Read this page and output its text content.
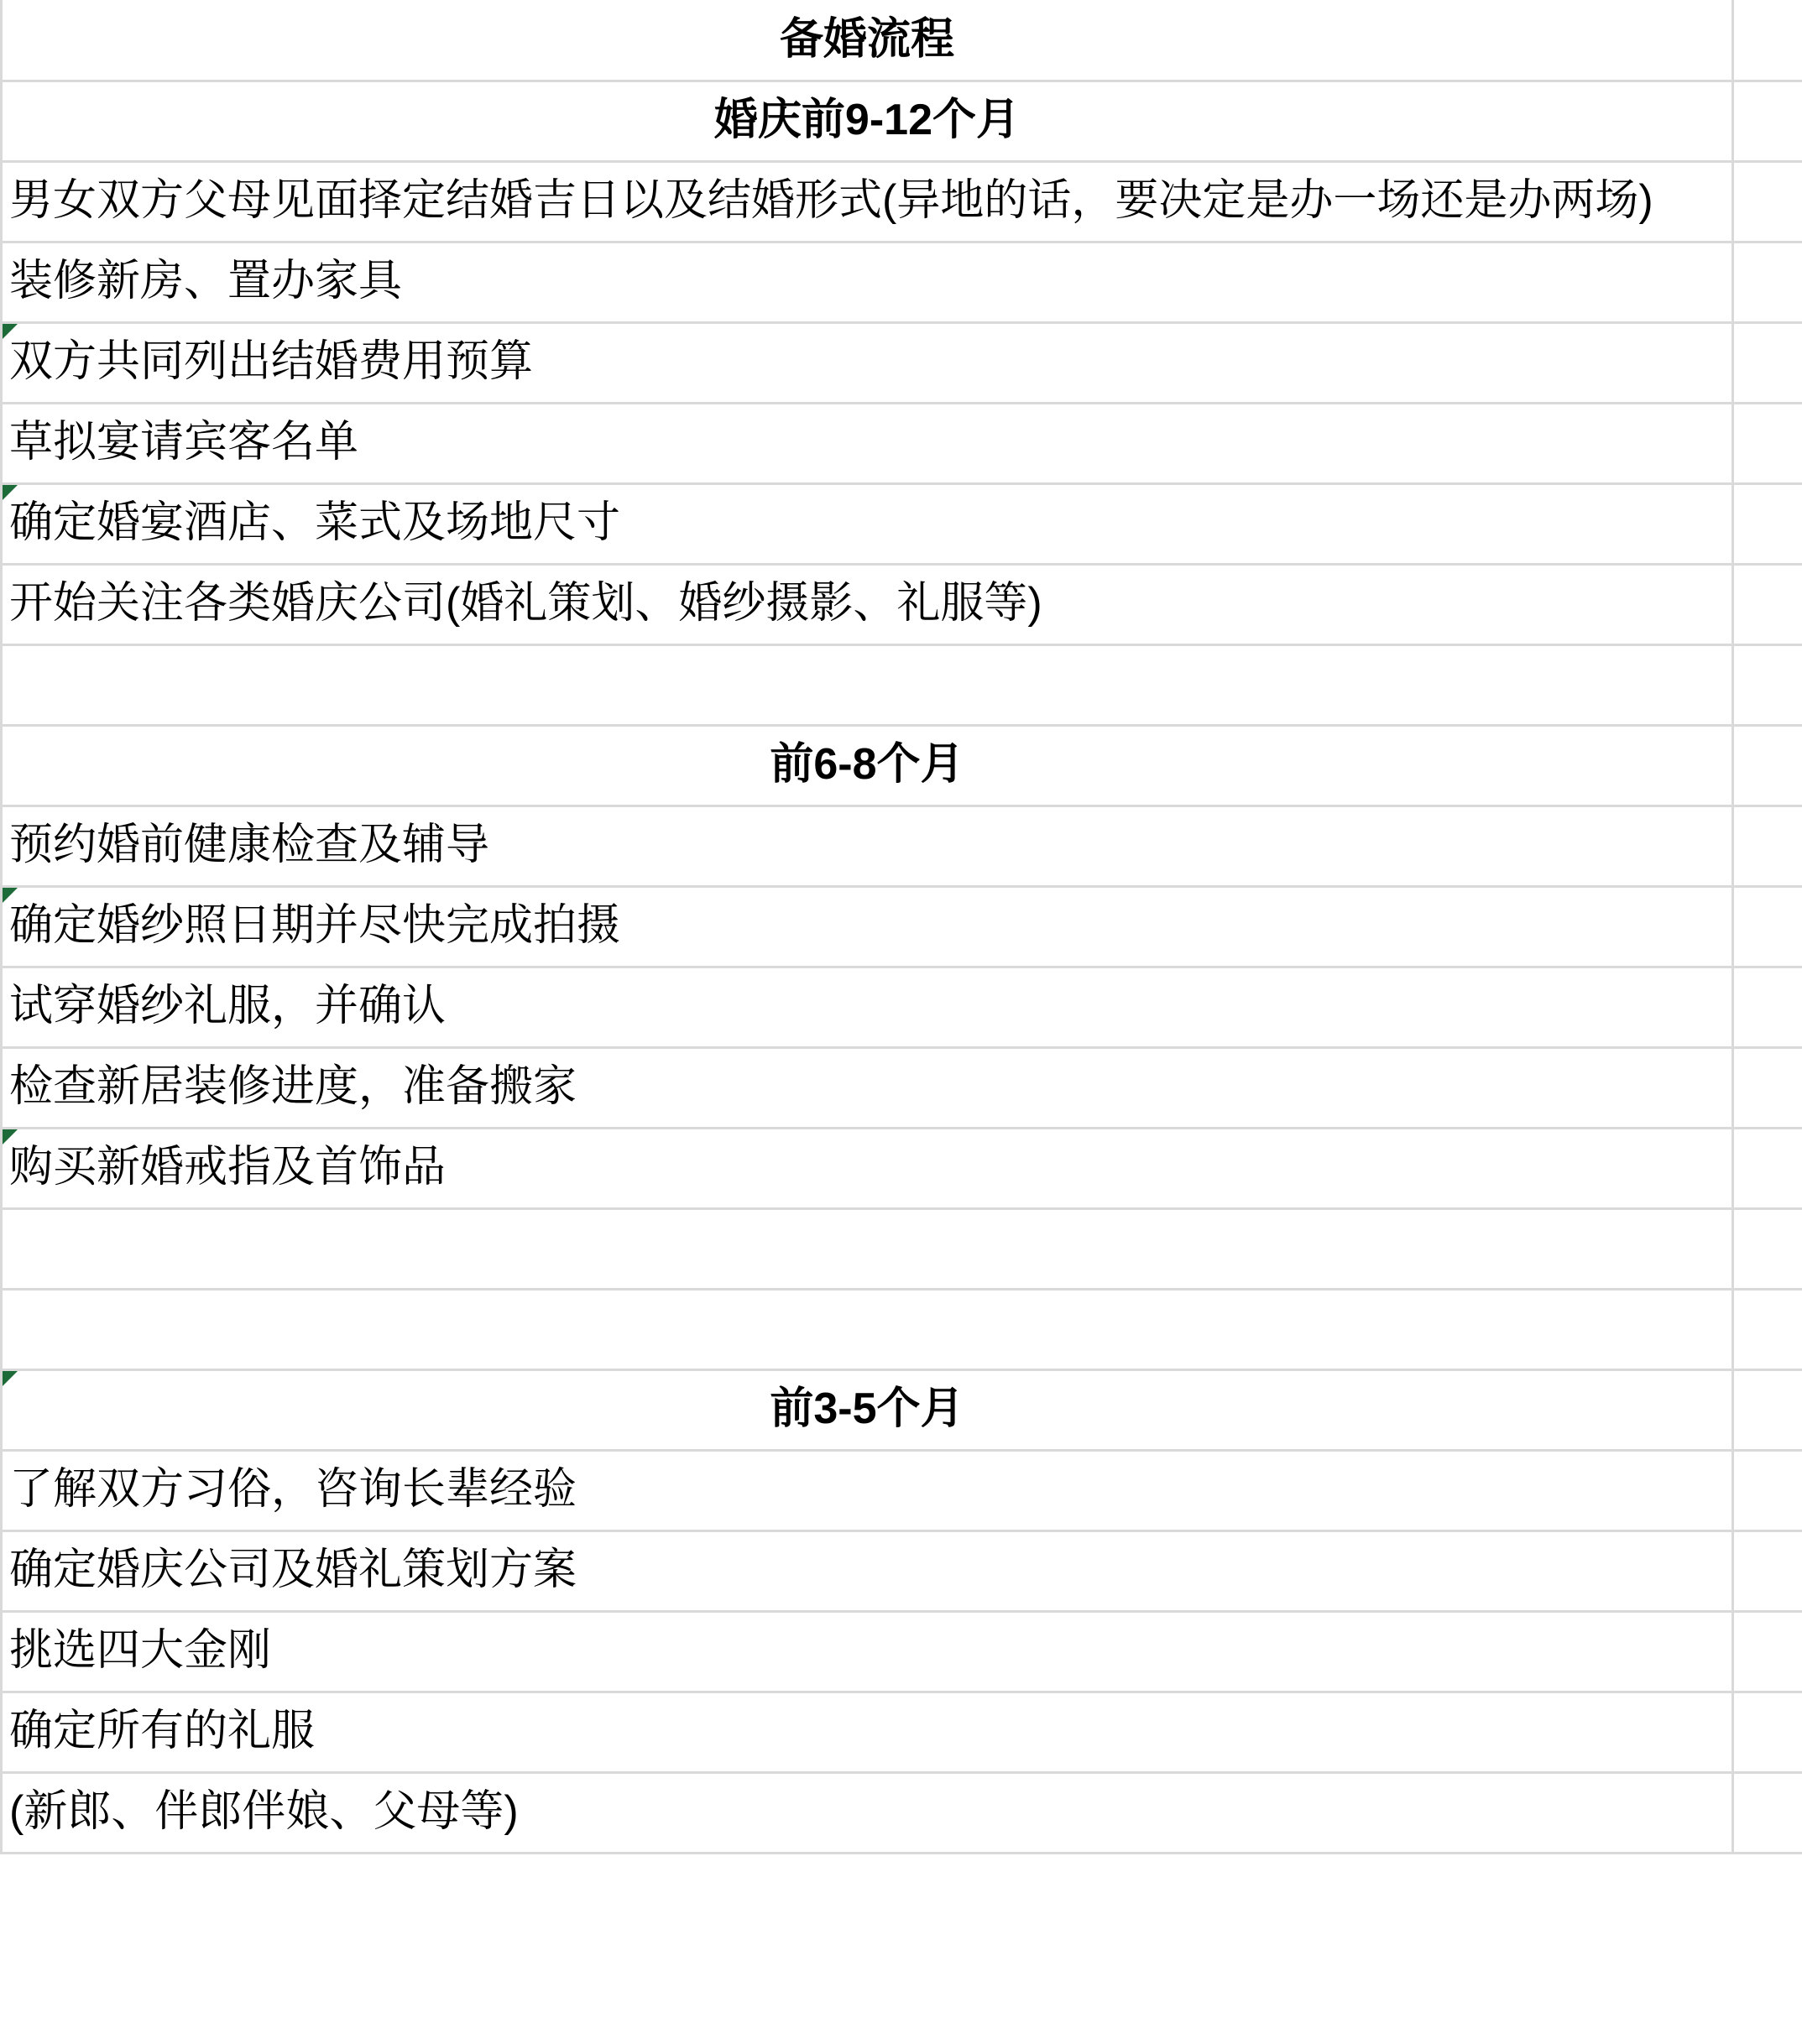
备婚流程	
婚庆前9-12个月	
男女双方父母见面择定结婚吉日以及结婚形式(异地的话，要决定是办一场还是办两场)	
装修新房、置办家具	
双方共同列出结婚费用预算	
草拟宴请宾客名单	
确定婚宴酒店、菜式及场地尺寸	
开始关注各类婚庆公司(婚礼策划、婚纱摄影、礼服等)	

前6-8个月	
预约婚前健康检查及辅导	
确定婚纱照日期并尽快完成拍摄	
试穿婚纱礼服，并确认	
检查新居装修进度，准备搬家	
购买新婚戒指及首饰品	

前3-5个月	
了解双方习俗，咨询长辈经验	
确定婚庆公司及婚礼策划方案	
挑选四大金刚	
确定所有的礼服	
(新郎、伴郎伴娘、父母等)	
